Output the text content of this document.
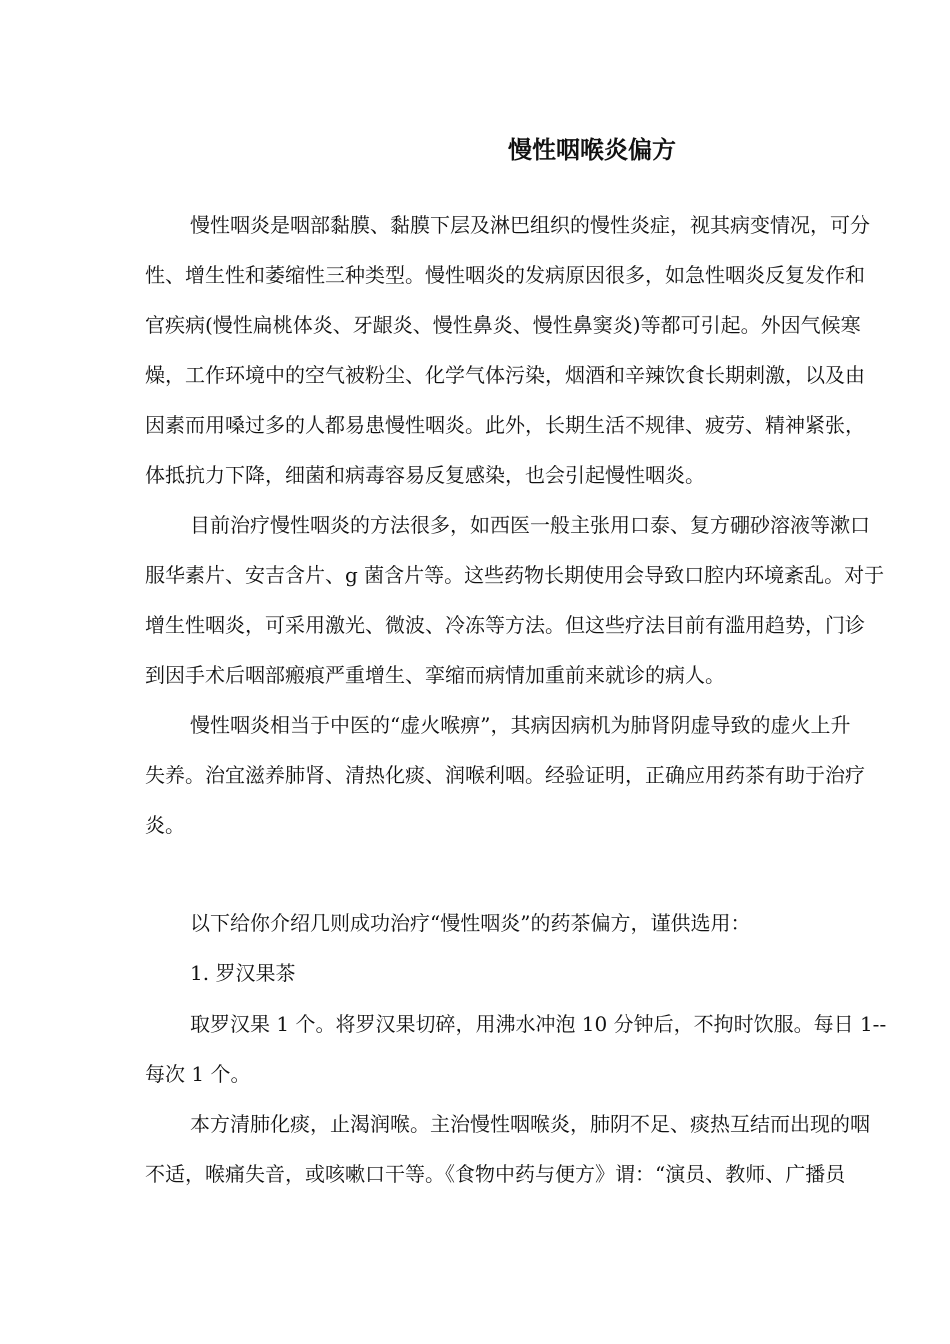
慢性咽喉炎偏方

慢性咽炎是咽部黏膜、黏膜下层及淋巴组织的慢性炎症，视其病变情况，可分

性、增生性和萎缩性三种类型。慢性咽炎的发病原因很多，如急性咽炎反复发作和

官疾病(慢性扁桃体炎、牙龈炎、慢性鼻炎、慢性鼻窦炎)等都可引起。外因气候寒

燥，工作环境中的空气被粉尘、化学气体污染，烟酒和辛辣饮食长期刺激，以及由

因素而用嗓过多的人都易患慢性咽炎。此外，长期生活不规律、疲劳、精神紧张，

体抵抗力下降，细菌和病毒容易反复感染，也会引起慢性咽炎。

目前治疗慢性咽炎的方法很多，如西医一般主张用口泰、复方硼砂溶液等漱口

服华素片、安吉含片、g 菌含片等。这些药物长期使用会导致口腔内环境紊乱。对于

增生性咽炎，可采用激光、微波、冷冻等方法。但这些疗法目前有滥用趋势，门诊

到因手术后咽部瘢痕严重增生、挛缩而病情加重前来就诊的病人。

慢性咽炎相当于中医的“虚火喉痹”，其病因病机为肺肾阴虚导致的虚火上升

失养。治宜滋养肺肾、清热化痰、润喉利咽。经验证明，正确应用药茶有助于治疗

炎。

以下给你介绍几则成功治疗“慢性咽炎”的药茶偏方，谨供选用：

1. 罗汉果茶

取罗汉果 1 个。将罗汉果切碎，用沸水冲泡 10 分钟后，不拘时饮服。每日 1--

每次 1 个。

本方清肺化痰，止渴润喉。主治慢性咽喉炎，肺阴不足、痰热互结而出现的咽

不适，喉痛失音，或咳嗽口干等。《食物中药与便方》谓：“演员、教师、广播员
